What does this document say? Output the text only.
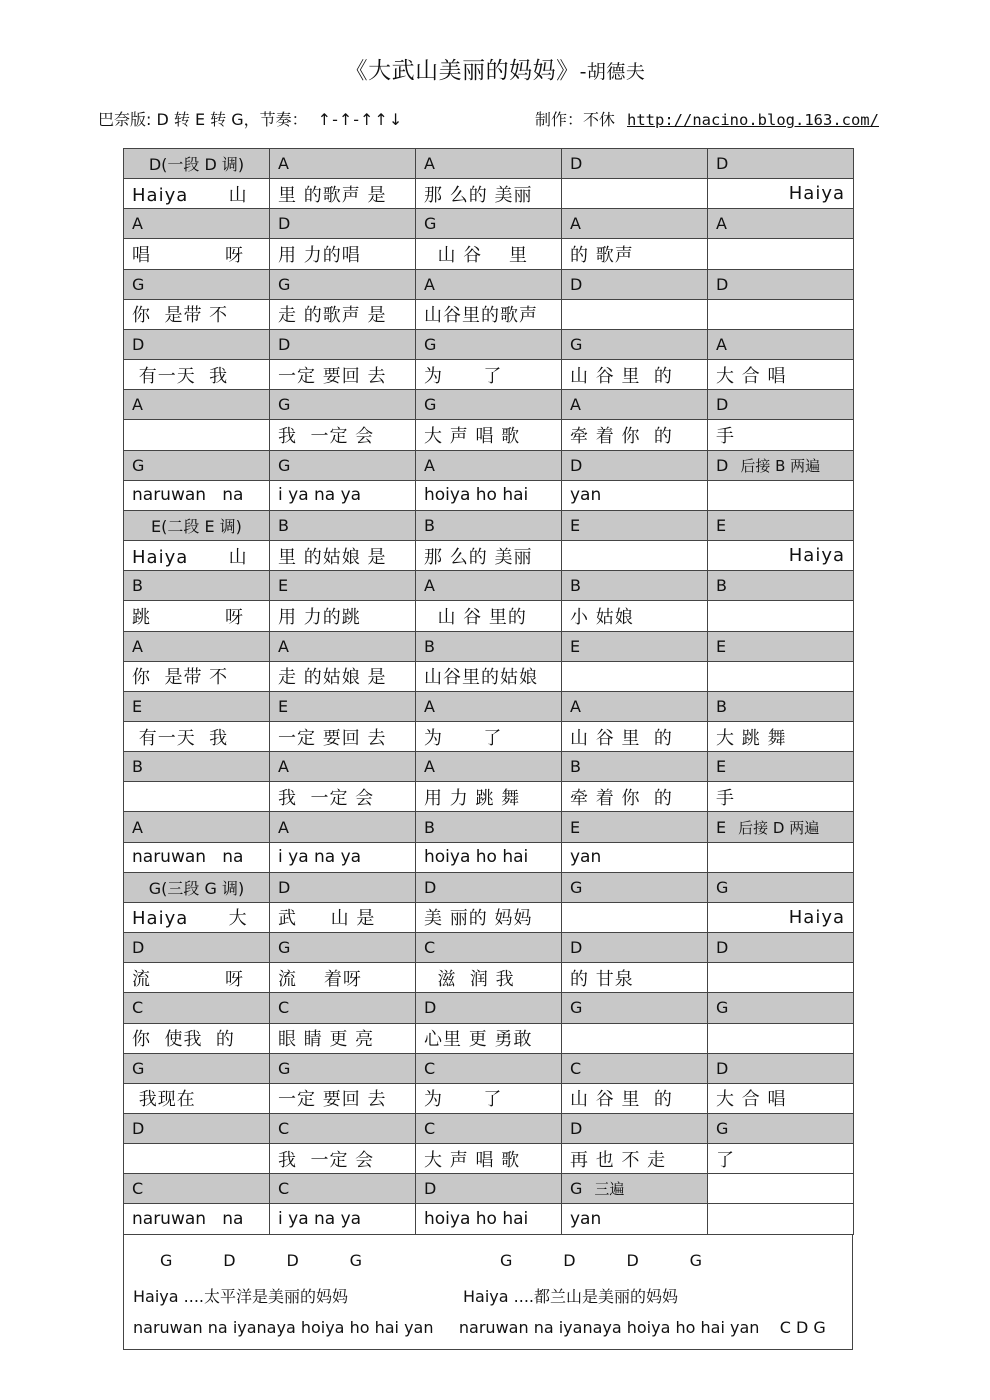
《大武山美丽的妈妈》-胡德夫
巴奈版: D 转 E 转 G，节奏： ↑-↑-↑↑↓	制作：不休 http://nacino.blog.163.com/
D(一段 D 调)	A	A	D	D
Haiya      山	里 的歌声 是	那 么的 美丽		Haiya
A	D	G	A	A
唱           呀	用 力的唱	山 谷    里	的 歌声	
G	G	A	D	D
你  是带 不	走 的歌声 是	山谷里的歌声		
D	D	G	G	A
有一天  我	一定 要回 去	为      了	山 谷 里  的	大 合 唱
A	G	G	A	D
	我  一定 会	大 声 唱 歌	牵 着 你  的	手
G	G	A	D	D 后接 B 两遍
naruwan   na	i ya na ya	hoiya ho hai	yan	
E(二段 E 调)	B	B	E	E
Haiya      山	里 的姑娘 是	那 么的 美丽		Haiya
B	E	A	B	B
跳           呀	用 力的跳	山 谷 里的	小 姑娘	
A	A	B	E	E
你  是带 不	走 的姑娘 是	山谷里的姑娘		
E	E	A	A	B
有一天  我	一定 要回 去	为      了	山 谷 里  的	大 跳 舞
B	A	A	B	E
	我  一定 会	用 力 跳 舞	牵 着 你  的	手
A	A	B	E	E 后接 D 两遍
naruwan   na	i ya na ya	hoiya ho hai	yan	
G(三段 G 调)	D	D	G	G
Haiya      大	武     山 是	美 丽的 妈妈		Haiya
D	G	C	D	D
流           呀	流    着呀	滋  润 我	的 甘泉	
C	C	D	G	G
你  使我  的	眼 睛 更 亮	心里 更 勇敢		
G	G	C	C	D
我现在	一定 要回 去	为      了	山 谷 里  的	大 合 唱
D	C	C	D	G
	我  一定 会	大 声 唱 歌	再 也 不 走	了
C	C	D	G 三遍	
naruwan   na	i ya na ya	hoiya ho hai	yan	
G          D          D          G	G          D          D          G
Haiya ....太平洋是美丽的妈妈	Haiya ....都兰山是美丽的妈妈
naruwan na iyanaya hoiya ho hai yan     naruwan na iyanaya hoiya ho hai yan    C D G
